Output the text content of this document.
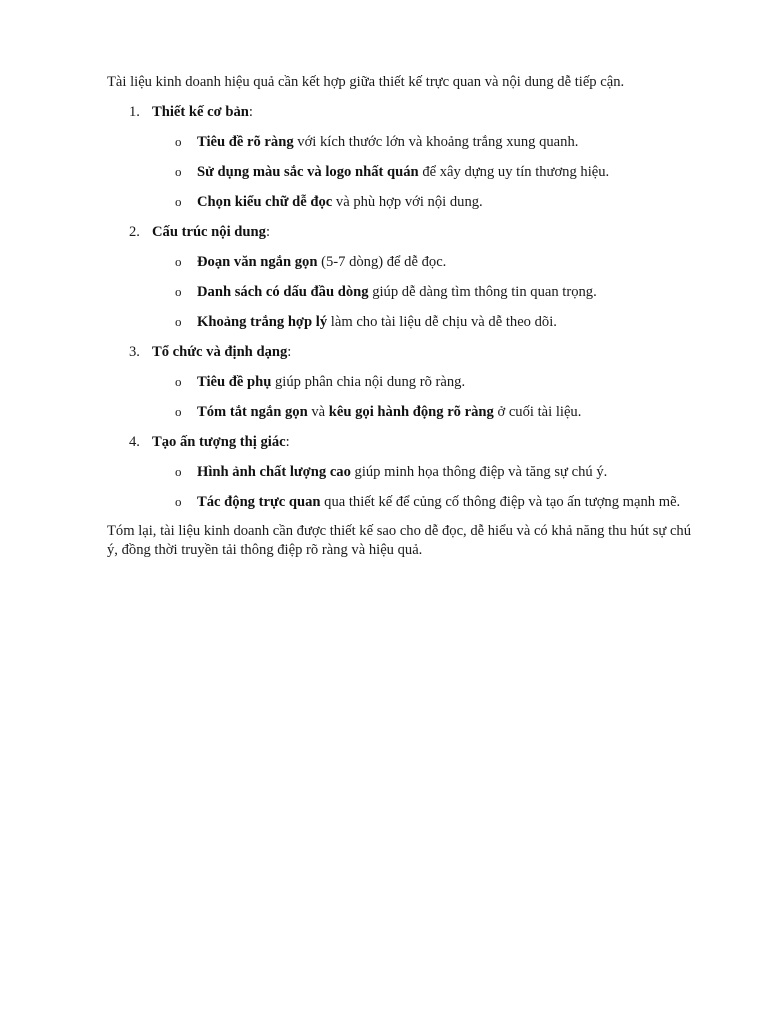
Tài liệu kinh doanh hiệu quả cần kết hợp giữa thiết kế trực quan và nội dung dễ tiếp cận.

1. Thiết kế cơ bản:
o Tiêu đề rõ ràng với kích thước lớn và khoảng trắng xung quanh.
o Sử dụng màu sắc và logo nhất quán để xây dựng uy tín thương hiệu.
o Chọn kiểu chữ dễ đọc và phù hợp với nội dung.
2. Cấu trúc nội dung:
o Đoạn văn ngắn gọn (5-7 dòng) để dễ đọc.
o Danh sách có dấu đầu dòng giúp dễ dàng tìm thông tin quan trọng.
o Khoảng trắng hợp lý làm cho tài liệu dễ chịu và dễ theo dõi.
3. Tổ chức và định dạng:
o Tiêu đề phụ giúp phân chia nội dung rõ ràng.
o Tóm tắt ngắn gọn và kêu gọi hành động rõ ràng ở cuối tài liệu.
4. Tạo ấn tượng thị giác:
o Hình ảnh chất lượng cao giúp minh họa thông điệp và tăng sự chú ý.
o Tác động trực quan qua thiết kế để củng cố thông điệp và tạo ấn tượng mạnh mẽ.

Tóm lại, tài liệu kinh doanh cần được thiết kế sao cho dễ đọc, dễ hiểu và có khả năng thu hút sự chú ý, đồng thời truyền tải thông điệp rõ ràng và hiệu quả.
